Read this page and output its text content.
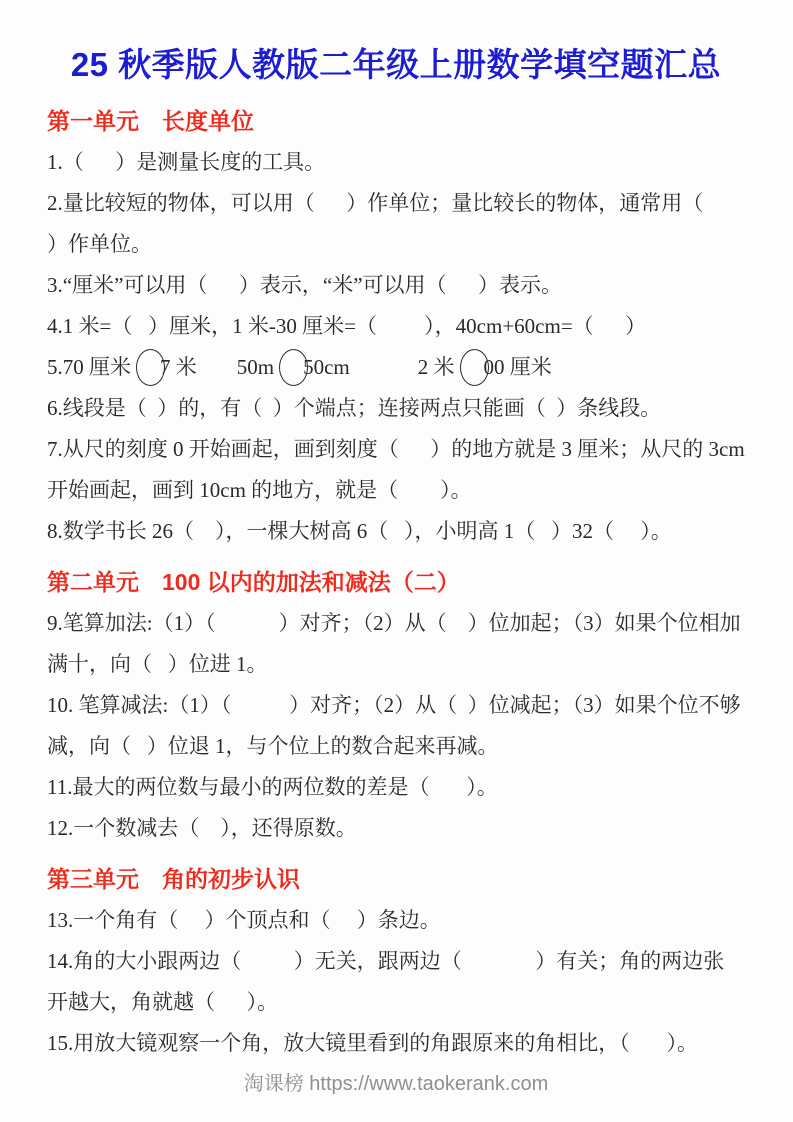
25 秋季版人教版二年级上册数学填空题汇总
第一单元　长度单位

1.（      ）是测量长度的工具。

2.量比较短的物体，可以用（      ）作单位；量比较长的物体，通常用（      ）作单位。

3.“厘米”可以用（      ）表示，“米”可以用（      ）表示。

4.1 米=（   ）厘米，1 米-30 厘米=（         ），40cm+60cm=（      ）

5.70 厘米 7 米 50m 50cm	2 米 00 厘米

6.线段是（  ）的，有（  ）个端点；连接两点只能画（  ）条线段。

7.从尺的刻度 0 开始画起，画到刻度（      ）的地方就是 3 厘米；从尺的 3cm 开始画起，画到 10cm 的地方，就是（        ）。

8.数学书长 26（    ），一棵大树高 6（   ），小明高 1（   ）32（     ）。

第二单元　100 以内的加法和减法（二）

9.笔算加法:（1）（            ）对齐；（2）从（    ）位加起；（3）如果个位相加满十，向（   ）位进 1。

10. 笔算减法:（1）（           ）对齐；（2）从（  ）位减起；（3）如果个位不够减，向（   ）位退 1，与个位上的数合起来再减。

11.最大的两位数与最小的两位数的差是（       ）。

12.一个数减去（    ），还得原数。

第三单元　角的初步认识

13.一个角有（     ）个顶点和（     ）条边。

14.角的大小跟两边（          ）无关，跟两边（              ）有关；角的两边张开越大，角就越（      ）。

15.用放大镜观察一个角，放大镜里看到的角跟原来的角相比，（       ）。

淘课榜 https://www.taokerank.com
